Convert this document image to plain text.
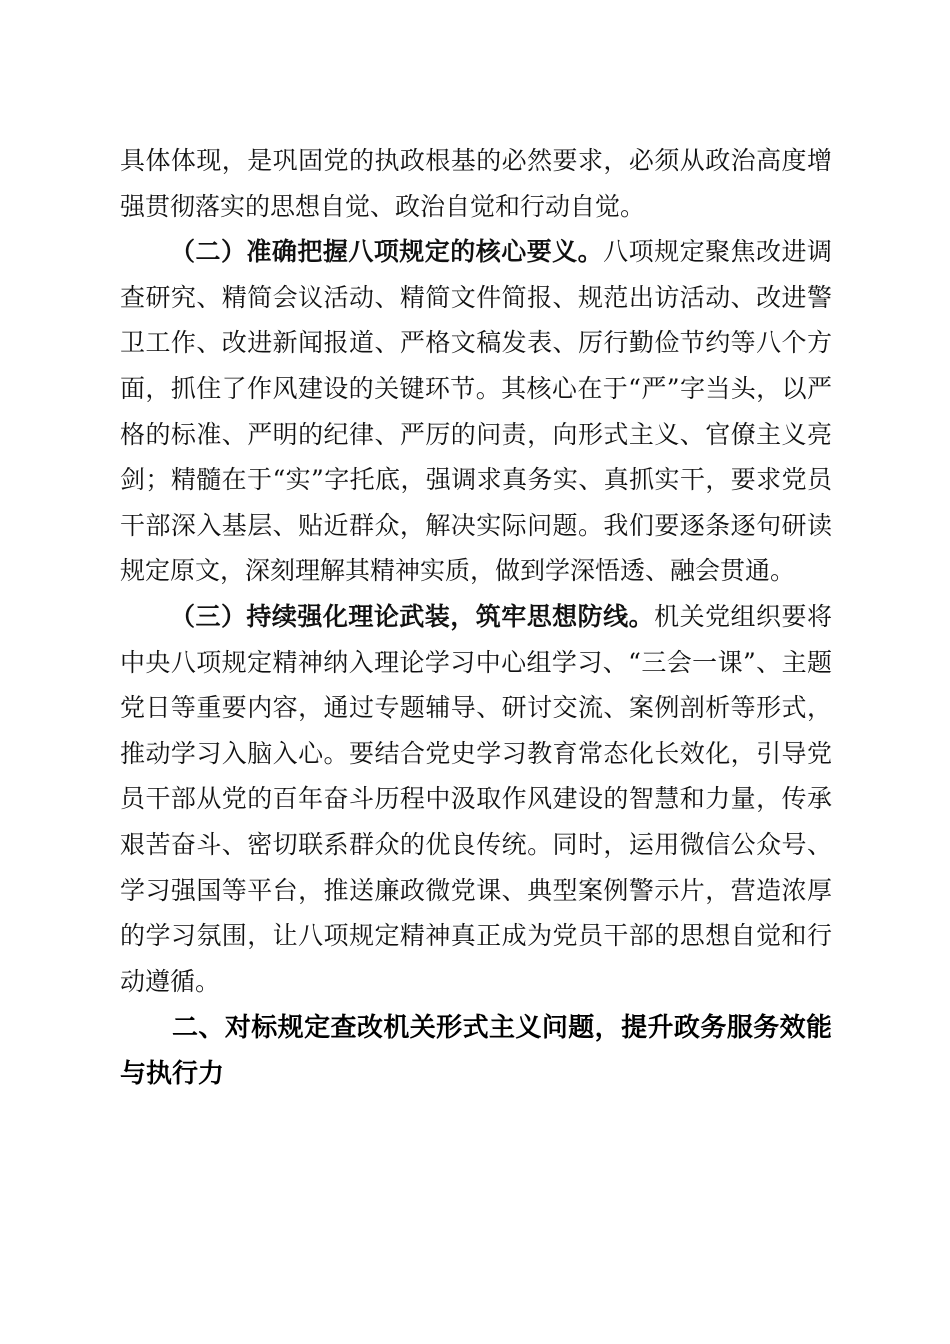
具体体现，是巩固党的执政根基的必然要求，必须从政治高度增强贯彻落实的思想自觉、政治自觉和行动自觉。

（二）准确把握八项规定的核心要义。八项规定聚焦改进调查研究、精简会议活动、精简文件简报、规范出访活动、改进警卫工作、改进新闻报道、严格文稿发表、厉行勤俭节约等八个方面，抓住了作风建设的关键环节。其核心在于“严”字当头，以严格的标准、严明的纪律、严厉的问责，向形式主义、官僚主义亮剑；精髓在于“实”字托底，强调求真务实、真抓实干，要求党员干部深入基层、贴近群众，解决实际问题。我们要逐条逐句研读规定原文，深刻理解其精神实质，做到学深悟透、融会贯通。

（三）持续强化理论武装，筑牢思想防线。机关党组织要将中央八项规定精神纳入理论学习中心组学习、“三会一课”、主题党日等重要内容，通过专题辅导、研讨交流、案例剖析等形式，推动学习入脑入心。要结合党史学习教育常态化长效化，引导党员干部从党的百年奋斗历程中汲取作风建设的智慧和力量，传承艰苦奋斗、密切联系群众的优良传统。同时，运用微信公众号、学习强国等平台，推送廉政微党课、典型案例警示片，营造浓厚的学习氛围，让八项规定精神真正成为党员干部的思想自觉和行动遵循。

二、对标规定查改机关形式主义问题，提升政务服务效能与执行力
